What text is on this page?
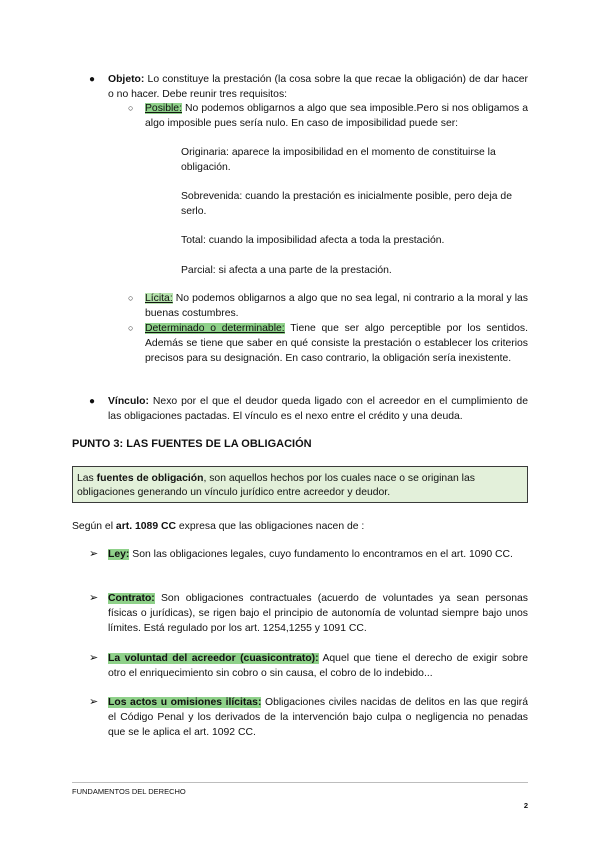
● Objeto: Lo constituye la prestación (la cosa sobre la que recae la obligación) de dar hacer o no hacer. Debe reunir tres requisitos:
○ Posible: No podemos obligarnos a algo que sea imposible.Pero si nos obligamos a algo imposible pues sería nulo. En caso de imposibilidad puede ser:
Originaria: aparece la imposibilidad en el momento de constituirse la obligación.
Sobrevenida: cuando la prestación es inicialmente posible, pero deja de serlo.
Total: cuando la imposibilidad afecta a toda la prestación.
Parcial: si afecta a una parte de la prestación.
○ Lícita: No podemos obligarnos a algo que no sea legal, ni contrario a la moral y las buenas costumbres.
○ Determinado o determinable: Tiene que ser algo perceptible por los sentidos. Además se tiene que saber en qué consiste la prestación o establecer los criterios precisos para su designación. En caso contrario, la obligación sería inexistente.
● Vínculo: Nexo por el que el deudor queda ligado con el acreedor en el cumplimiento de las obligaciones pactadas. El vínculo es el nexo entre el crédito y una deuda.
PUNTO 3: LAS FUENTES DE LA OBLIGACIÓN
Las fuentes de obligación, son aquellos hechos por los cuales nace o se originan las obligaciones generando un vínculo jurídico entre acreedor y deudor.
Según el art. 1089 CC expresa que las obligaciones nacen de :
➢ Ley: Son las obligaciones legales, cuyo fundamento lo encontramos en el art. 1090 CC.
➢ Contrato: Son obligaciones contractuales (acuerdo de voluntades ya sean personas físicas o jurídicas), se rigen bajo el principio de autonomía de voluntad siempre bajo unos límites. Está regulado por los art. 1254,1255 y 1091 CC.
➢ La voluntad del acreedor (cuasicontrato): Aquel que tiene el derecho de exigir sobre otro el enriquecimiento sin cobro o sin causa, el cobro de lo indebido...
➢ Los actos u omisiones ilícitas: Obligaciones civiles nacidas de delitos en las que regirá el Código Penal y los derivados de la intervención bajo culpa o negligencia no penadas que se le aplica el art. 1092 CC.
FUNDAMENTOS DEL DERECHO
2
